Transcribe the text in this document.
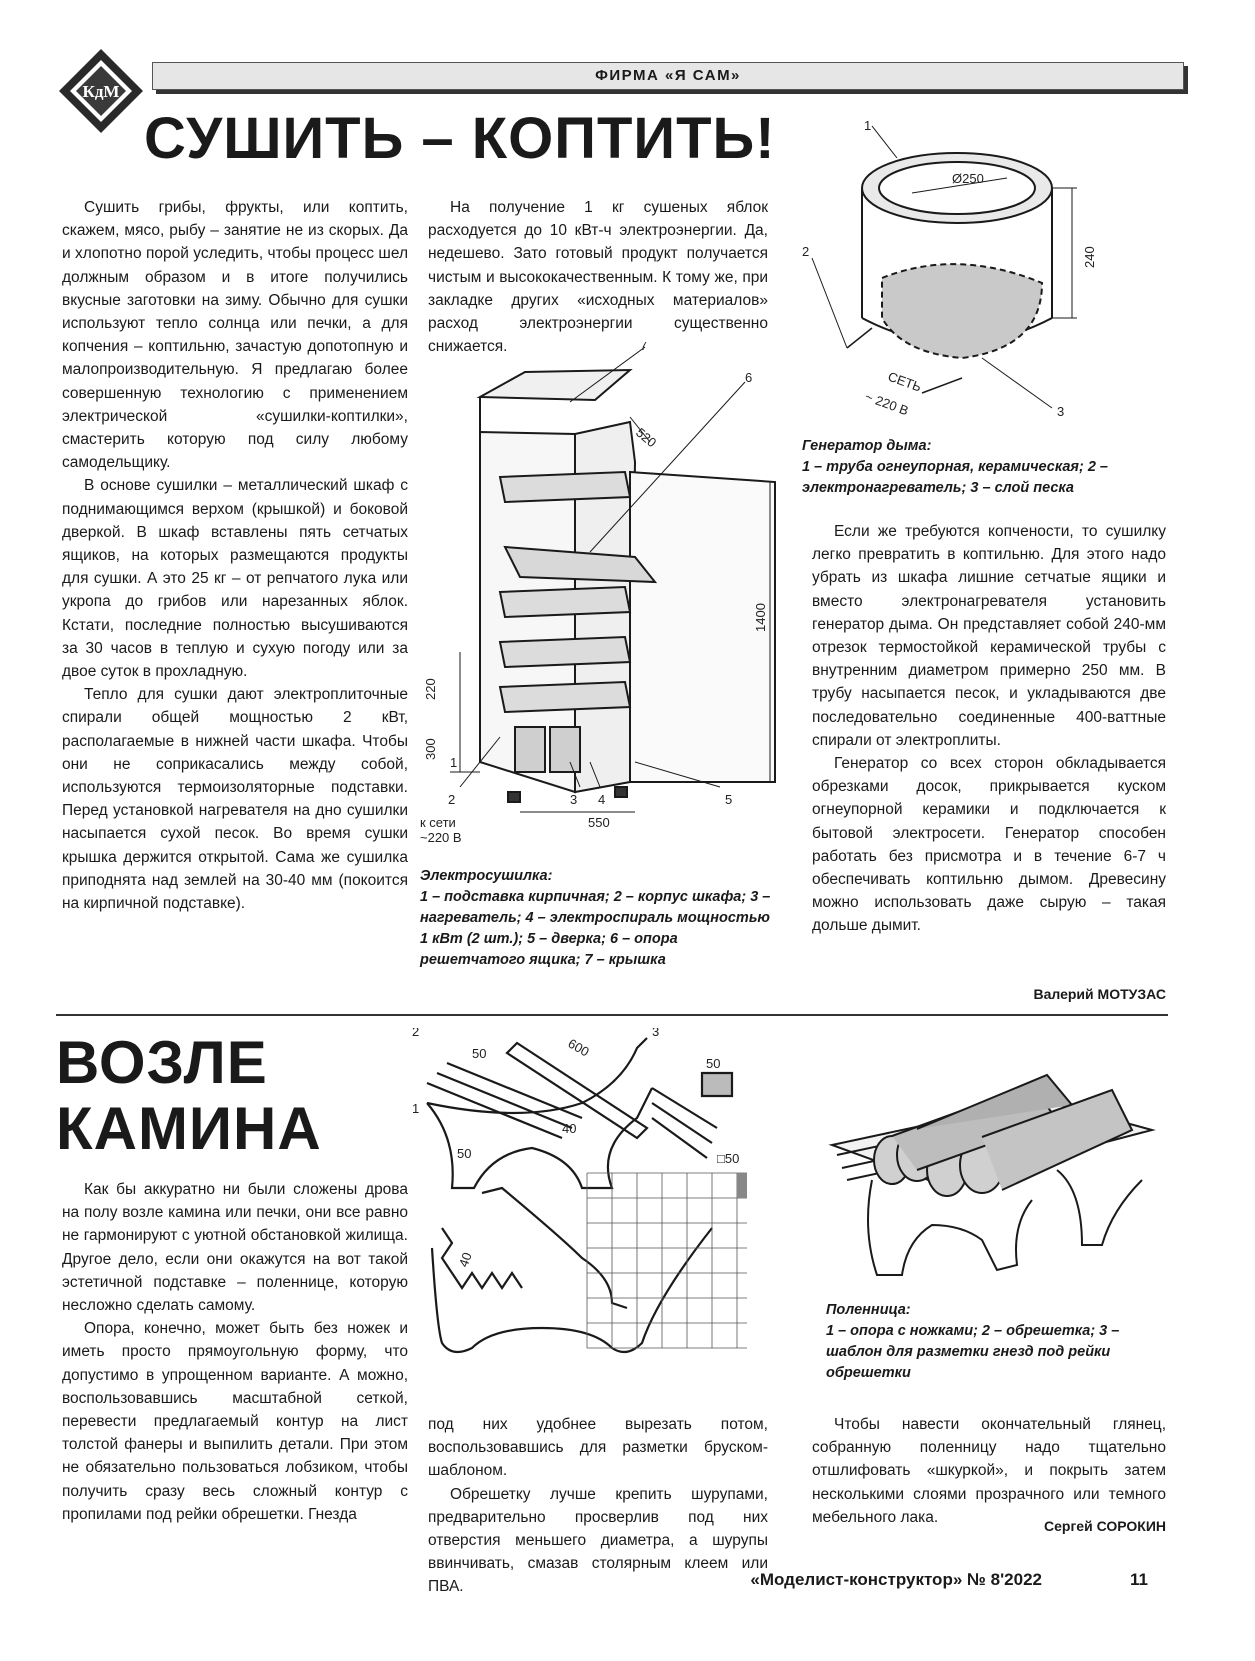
КдМ
ФИРМА «Я САМ»
СУШИТЬ – КОПТИТЬ!

Сушить грибы, фрукты, или коптить, скажем, мясо, рыбу – занятие не из скорых. Да и хлопотно порой уследить, чтобы процесс шел должным образом и в итоге получились вкусные заготовки на зиму. Обычно для сушки используют тепло солнца или печки, а для копчения – коптильню, зачастую допотопную и малопроизводительную. Я предлагаю более совершенную технологию с применением электрической «сушилки-коптилки», смастерить которую под силу любому самодельщику.

В основе сушилки – металлический шкаф с поднимающимся верхом (крышкой) и боковой дверкой. В шкаф вставлены пять сетчатых ящиков, на которых размещаются продукты для сушки. А это 25 кг – от репчатого лука или укропа до грибов или нарезанных яблок. Кстати, последние полностью высушиваются за 30 часов в теплую и сухую погоду или за двое суток в прохладную.

Тепло для сушки дают электроплиточные спирали общей мощностью 2 кВт, располагаемые в нижней части шкафа. Чтобы они не соприкасались между собой, используются термоизоляторные подставки. Перед установкой нагревателя на дно сушилки насыпается сухой песок. Во время сушки крышка держится открытой. Сама же сушилка приподнята над землей на 30-40 мм (покоится на кирпичной подставке).

На получение 1 кг сушеных яблок расходуется до 10 кВт-ч электроэнергии. Да, недешево. Зато готовый продукт получается чистым и высококачественным. К тому же, при закладке других «исходных материалов» расход электроэнергии существенно снижается.	7
6
520
1400
220
300
1
2	3 4	5
550
к сети
~220 В
Электросушилка:
1 – подставка кирпичная; 2 – корпус шкафа; 3 – нагреватель; 4 – электроспираль мощностью 1 кВт (2 шт.); 5 – дверка; 6 – опора решетчатого ящика; 7 – крышка
1
Ø250
240
2
СЕТЬ
~ 220 В	3
Генератор дыма:
1 – труба огнеупорная, керамическая; 2 – электронагреватель; 3 – слой песка

Если же требуются копчености, то сушилку легко превратить в коптильню. Для этого надо убрать из шкафа лишние сетчатые ящики и вместо электронагревателя установить генератор дыма. Он представляет собой 240-мм отрезок термостойкой керамической трубы с внутренним диаметром примерно 250 мм. В трубу насыпается песок, и укладываются две последовательно соединенные 400-ваттные спирали от электроплиты.

Генератор со всех сторон обкладывается обрезками досок, прикрывается куском огнеупорной керамики и подключается к бытовой электросети. Генератор способен работать без присмотра и в течение 6-7 ч обеспечивать коптильню дымом. Древесину можно использовать даже сырую – такая дольше дымит.

Валерий МОТУЗАС
ВОЗЛЕ
КАМИНА

Как бы аккуратно ни были сложены дрова на полу возле камина или печки, они все равно не гармонируют с уютной обстановкой жилища. Другое дело, если они окажутся на вот такой эстетичной подставке – поленнице, которую несложно сделать самому.

Опора, конечно, может быть без ножек и иметь просто прямоугольную форму, что допустимо в упрощенном варианте. А можно, воспользовавшись масштабной сеткой, перевести предлагаемый контур на лист толстой фанеры и выпилить детали. При этом не обязательно пользоваться лобзиком, чтобы получить сразу весь сложный контур с пропилами под рейки обрешетки. Гнезда

2
1
3
50	600
50
40
50	□50
40

под них удобнее вырезать потом, воспользовавшись для разметки бруском-шаблоном.

Обрешетку лучше крепить шурупами, предварительно просверлив под них отверстия меньшего диаметра, а шурупы ввинчивать, смазав столярным клеем или ПВА.

Поленница:
1 – опора с ножками; 2 – обрешетка; 3 – шаблон для разметки гнезд под рейки обрешетки

Чтобы навести окончательный глянец, собранную поленницу надо тщательно отшлифовать «шкуркой», и покрыть затем несколькими слоями прозрачного или темного мебельного лака.

Сергей СОРОКИН
«Моделист-конструктор» № 8'2022	11
